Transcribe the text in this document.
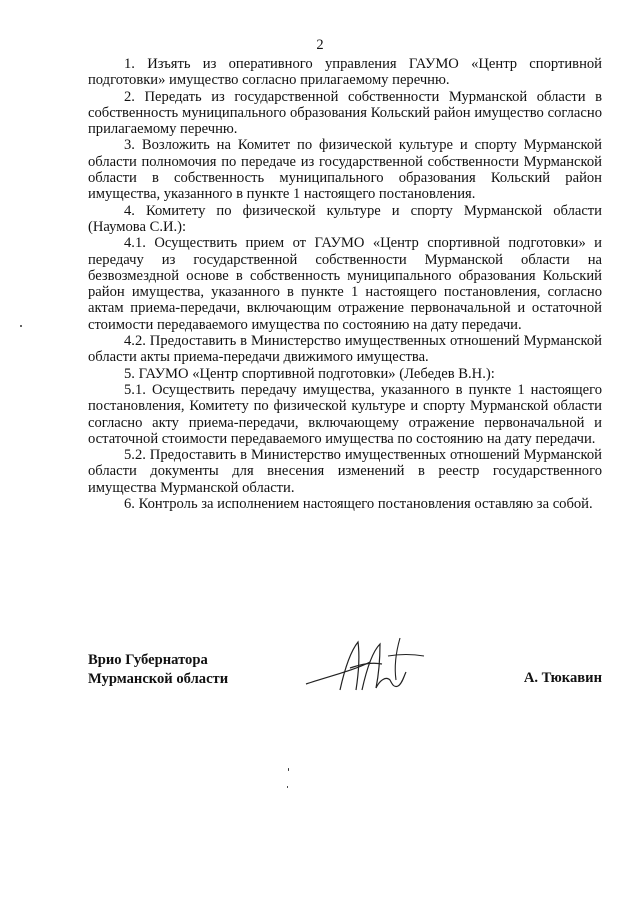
2

1. Изъять из оперативного управления ГАУМО «Центр спортивной подготовки» имущество согласно прилагаемому перечню.

2. Передать из государственной собственности Мурманской области в собственность муниципального образования Кольский район имущество согласно прилагаемому перечню.

3. Возложить на Комитет по физической культуре и спорту Мурманской области полномочия по передаче из государственной собственности Мурманской области в собственность муниципального образования Кольский район имущества, указанного в пункте 1 настоящего постановления.

4. Комитету по физической культуре и спорту Мурманской области (Наумова С.И.):

4.1. Осуществить прием от ГАУМО «Центр спортивной подготовки» и передачу из государственной собственности Мурманской области на безвозмездной основе в собственность муниципального образования Кольский район имущества, указанного в пункте 1 настоящего постановления, согласно актам приема-передачи, включающим отражение первоначальной и остаточной стоимости передаваемого имущества по состоянию на дату передачи.

4.2. Предоставить в Министерство имущественных отношений Мурманской области акты приема-передачи движимого имущества.

5. ГАУМО «Центр спортивной подготовки» (Лебедев В.Н.):

5.1. Осуществить передачу имущества, указанного в пункте 1 настоящего постановления, Комитету по физической культуре и спорту Мурманской области согласно акту приема-передачи, включающему отражение первоначальной и остаточной стоимости передаваемого имущества по состоянию на дату передачи.

5.2. Предоставить в Министерство имущественных отношений Мурманской области документы для внесения изменений в реестр государственного имущества Мурманской области.

6. Контроль за исполнением настоящего постановления оставляю за собой.

Врио Губернатора
Мурманской области	А. Тюкавин
